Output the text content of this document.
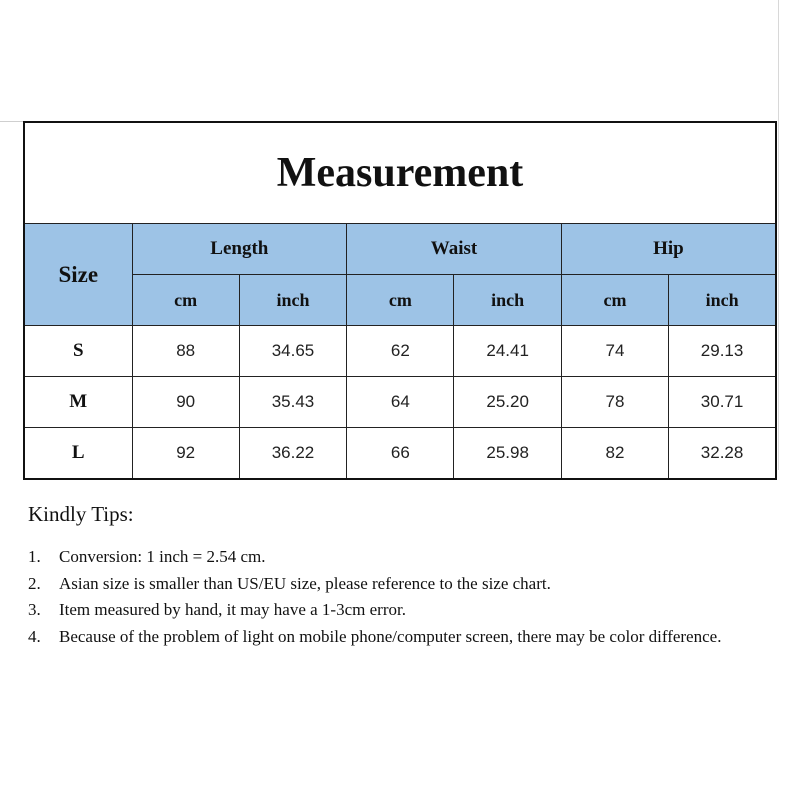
Measurement						
Size	Length		Waist		Hip	
	cm	inch	cm	inch	cm	inch
S	88	34.65	62	24.41	74	29.13
M	90	35.43	64	25.20	78	30.71
L	92	36.22	66	25.98	82	32.28
Kindly Tips:
1.	Conversion: 1 inch = 2.54 cm.
2.	Asian size is smaller than US/EU size, please reference to the size chart.
3.	Item measured by hand, it may have a 1-3cm error.
4.	Because of the problem of light on mobile phone/computer screen, there may be color difference.
